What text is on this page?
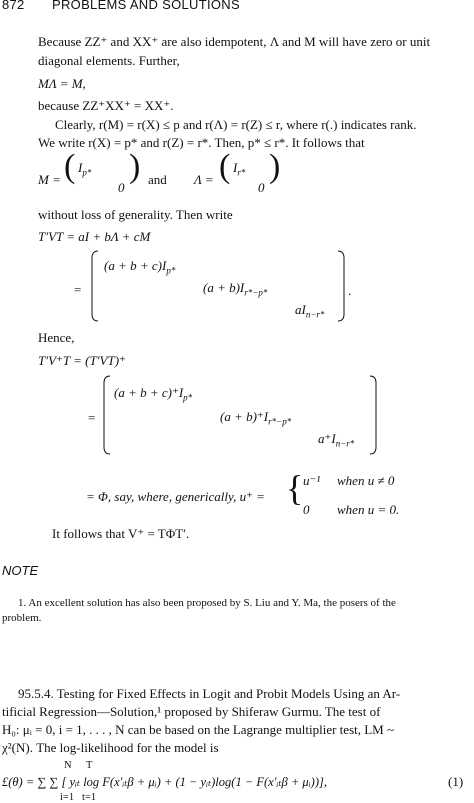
872 PROBLEMS AND SOLUTIONS
Because ZZ⁺ and XX⁺ are also idempotent, Λ and M will have zero or unit
diagonal elements. Further,
MΛ = M,
because ZZ⁺XX⁺ = XX⁺.
Clearly, r(M) = r(X) ≤ p and r(Λ) = r(Z) ≤ r, where r(.) indicates rank.
We write r(X) = p* and r(Z) = r*. Then, p* ≤ r*. It follows that
M = ( $I_{p*}$
0
) and Λ = ( $I_{r*}$
0
)
without loss of generality. Then write
T′VT = aI + bΛ + cM
=
$(a + b + c)I_{p*}$
$(a + b)I_{r*-p*}$
$aI_{n-r*}$
.
Hence,
T′V⁺T = (T′VT)⁺
=
$(a + b + c)^+I_{p*}$
$(a + b)^+I_{r*-p*}$
$a^+I_{n-r*}$
= Φ, say, where, generically, u⁺ = { u⁻¹ when u ≠ 0
0 when u = 0.
It follows that V⁺ = TΦT′.
NOTE
1. An excellent solution has also been proposed by S. Liu and Y. Ma, the posers of the
problem.
95.5.4. Testing for Fixed Effects in Logit and Probit Models Using an Ar-
tificial Regression—Solution,¹ proposed by Shiferaw Gurmu. The test of
H₀: μᵢ = 0, i = 1, . . . , N can be based on the Lagrange multiplier test, LM ~
χ²(N). The log-likelihood for the model is
N T
£(θ) = ∑ ∑ [ yᵢₜ log F(x′ᵢₜβ + μᵢ) + (1 − yᵢₜ)log(1 − F(x′ᵢₜβ + μᵢ))],
i=1 t=1
(1)
